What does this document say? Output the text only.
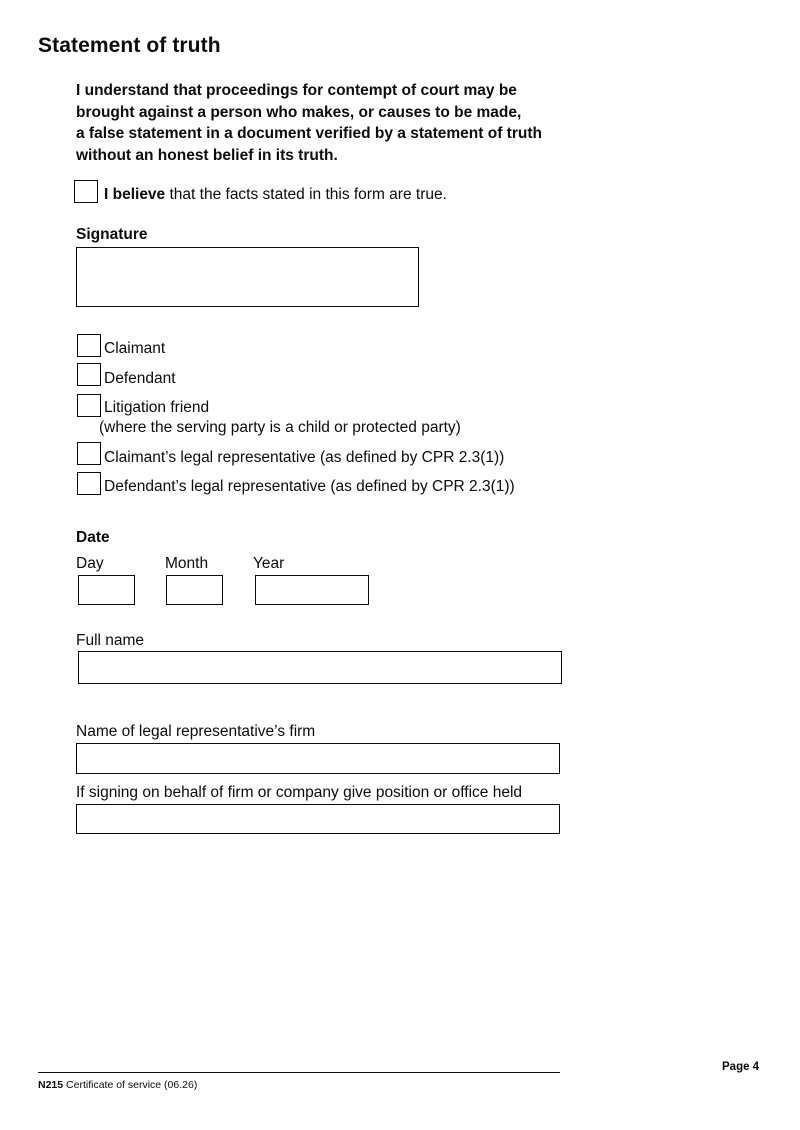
Statement of truth
I understand that proceedings for contempt of court may be
brought against a person who makes, or causes to be made,
a false statement in a document verified by a statement of truth
without an honest belief in its truth.
I believe that the facts stated in this form are true.
Signature
Claimant
Defendant
Litigation friend
(where the serving party is a child or protected party)
Claimant’s legal representative (as defined by CPR 2.3(1))
Defendant’s legal representative (as defined by CPR 2.3(1))
Date
Day	Month	Year
Full name
Name of legal representative’s firm
If signing on behalf of firm or company give position or office held
Page 4
N215 Certificate of service (06.26)
